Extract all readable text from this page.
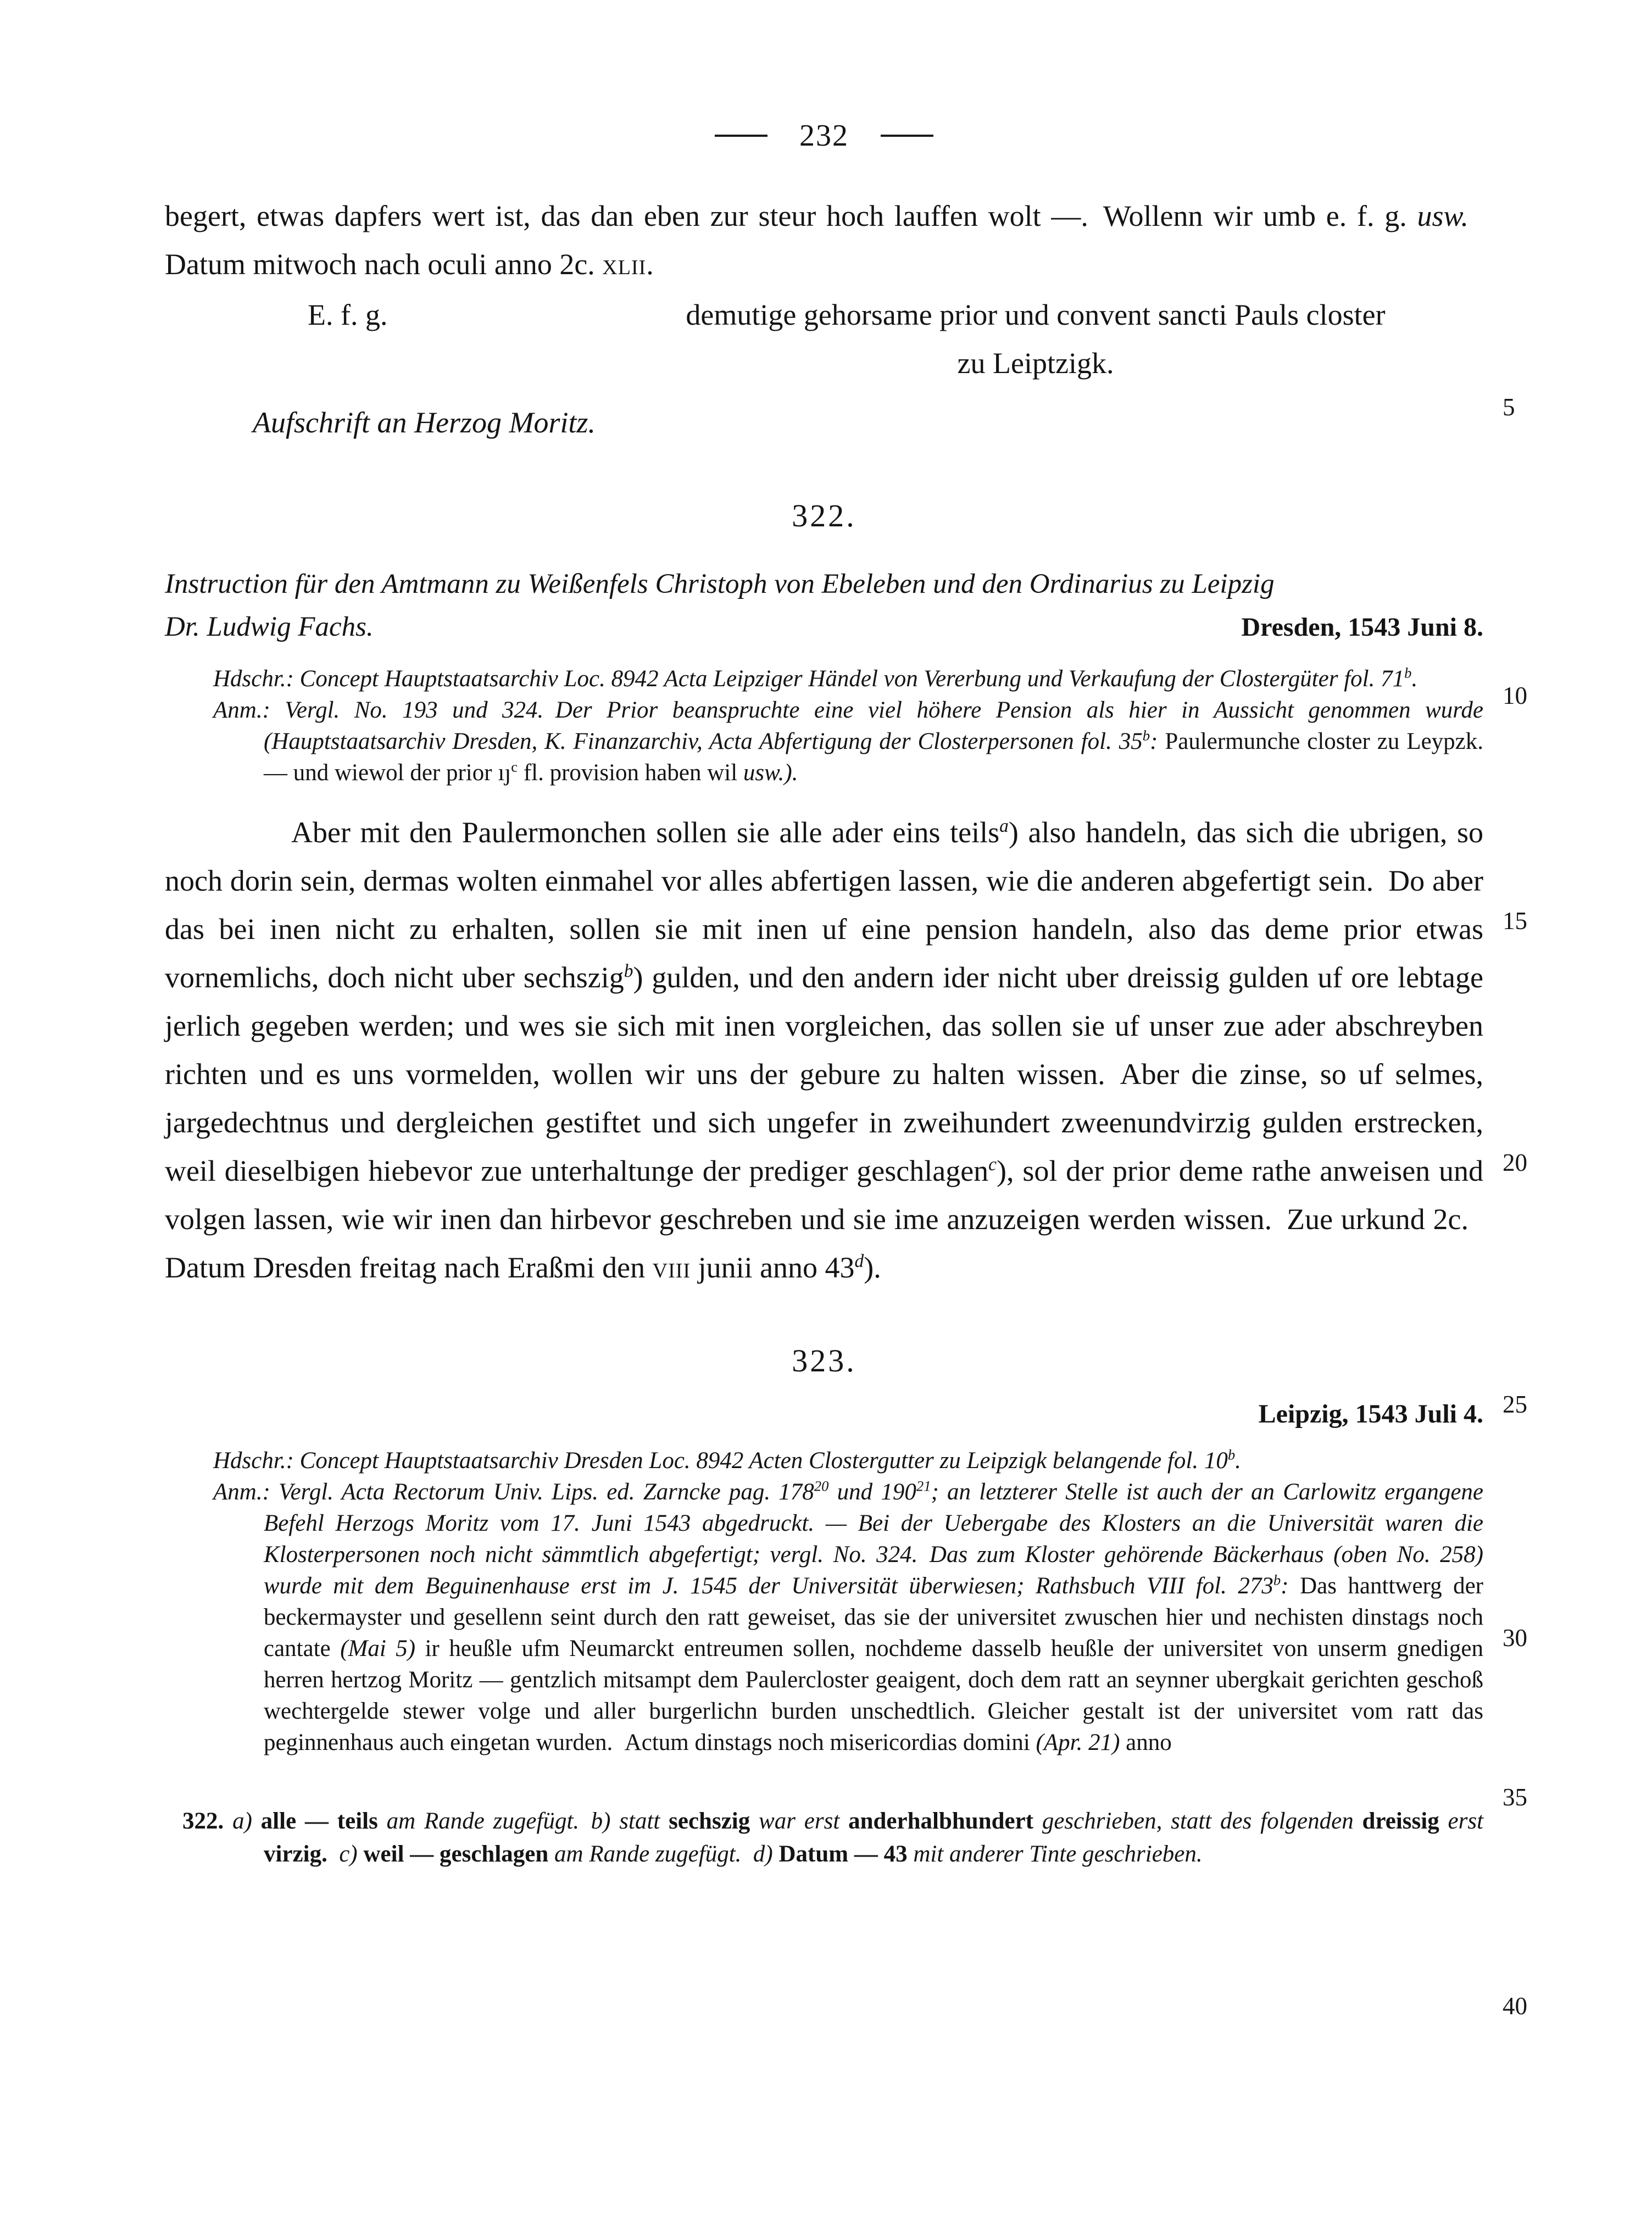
232

begert, etwas dapfers wert ist, das dan eben zur steur hoch lauffen wolt —. Wollenn wir umb e. f. g. usw. Datum mitwoch nach oculi anno 2c. xlii.

E. f. g.	demutige gehorsame prior und convent sancti Pauls closter
zu Leiptzigk.
Aufschrift an Herzog Moritz.
322.
Instruction für den Amtmann zu Weißenfels Christoph von Ebeleben und den Ordinarius zu Leipzig
Dr. Ludwig Fachs.	Dresden, 1543 Juni 8.

Hdschr.: Concept Hauptstaatsarchiv Loc. 8942 Acta Leipziger Händel von Vererbung und Verkaufung der Clostergüter fol. 71$^b$.

Anm.: Vergl. No. 193 und 324. Der Prior beanspruchte eine viel höhere Pension als hier in Aussicht genommen wurde (Hauptstaatsarchiv Dresden, K. Finanzarchiv, Acta Abfertigung der Closterpersonen fol. 35$^b$: Paulermunche closter zu Leypzk. — und wiewol der prior $ıȷ^c$ fl. provision haben wil usw.).

Aber mit den Paulermonchen sollen sie alle ader eins teils$^a$) also handeln, das sich die ubrigen, so noch dorin sein, dermas wolten einmahel vor alles abfertigen lassen, wie die anderen abgefertigt sein. Do aber das bei inen nicht zu erhalten, sollen sie mit inen uf eine pension handeln, also das deme prior etwas vornemlichs, doch nicht uber sechszig$^b$) gulden, und den andern ider nicht uber dreissig gulden uf ore lebtage jerlich gegeben werden; und wes sie sich mit inen vorgleichen, das sollen sie uf unser zue ader abschreyben richten und es uns vormelden, wollen wir uns der gebure zu halten wissen. Aber die zinse, so uf selmes, jargedechtnus und dergleichen gestiftet und sich ungefer in zweihundert zweenundvirzig gulden erstrecken, weil dieselbigen hiebevor zue unterhaltunge der prediger geschlagen$^c$), sol der prior deme rathe anweisen und volgen lassen, wie wir inen dan hirbevor geschreben und sie ime anzuzeigen werden wissen. Zue urkund 2c. Datum Dresden freitag nach Eraßmi den viii junii anno 43$^d$).

323.
Leipzig, 1543 Juli 4.

Hdschr.: Concept Hauptstaatsarchiv Dresden Loc. 8942 Acten Clostergutter zu Leipzigk belangende fol. 10$^b$.

Anm.: Vergl. Acta Rectorum Univ. Lips. ed. Zarncke pag. $178^{20}$ und $190^{21}$; an letzterer Stelle ist auch der an Carlowitz ergangene Befehl Herzogs Moritz vom 17. Juni 1543 abgedruckt. — Bei der Uebergabe des Klosters an die Universität waren die Klosterpersonen noch nicht sämmtlich abgefertigt; vergl. No. 324. Das zum Kloster gehörende Bäckerhaus (oben No. 258) wurde mit dem Beguinenhause erst im J. 1545 der Universität überwiesen; Rathsbuch VIII fol. 273$^b$: Das hanttwerg der beckermayster und gesellenn seint durch den ratt geweiset, das sie der universitet zwuschen hier und nechisten dinstags noch cantate (Mai 5) ir heußle ufm Neumarckt entreumen sollen, nochdeme dasselb heußle der universitet von unserm gnedigen herren hertzog Moritz — gentzlich mitsampt dem Paulercloster geaigent, doch dem ratt an seynner ubergkait gerichten geschoß wechtergelde stewer volge und aller burgerlichn burden unschedtlich. Gleicher gestalt ist der universitet vom ratt das peginnenhaus auch eingetan wurden. Actum dinstags noch misericordias domini (Apr. 21) anno

322. a) alle — teils am Rande zugefügt. b) statt sechszig war erst anderhalbhundert geschrieben, statt des folgenden dreissig erst virzig. c) weil — geschlagen am Rande zugefügt. d) Datum — 43 mit anderer Tinte geschrieben.

5
10
15
20
25
30
35
40
